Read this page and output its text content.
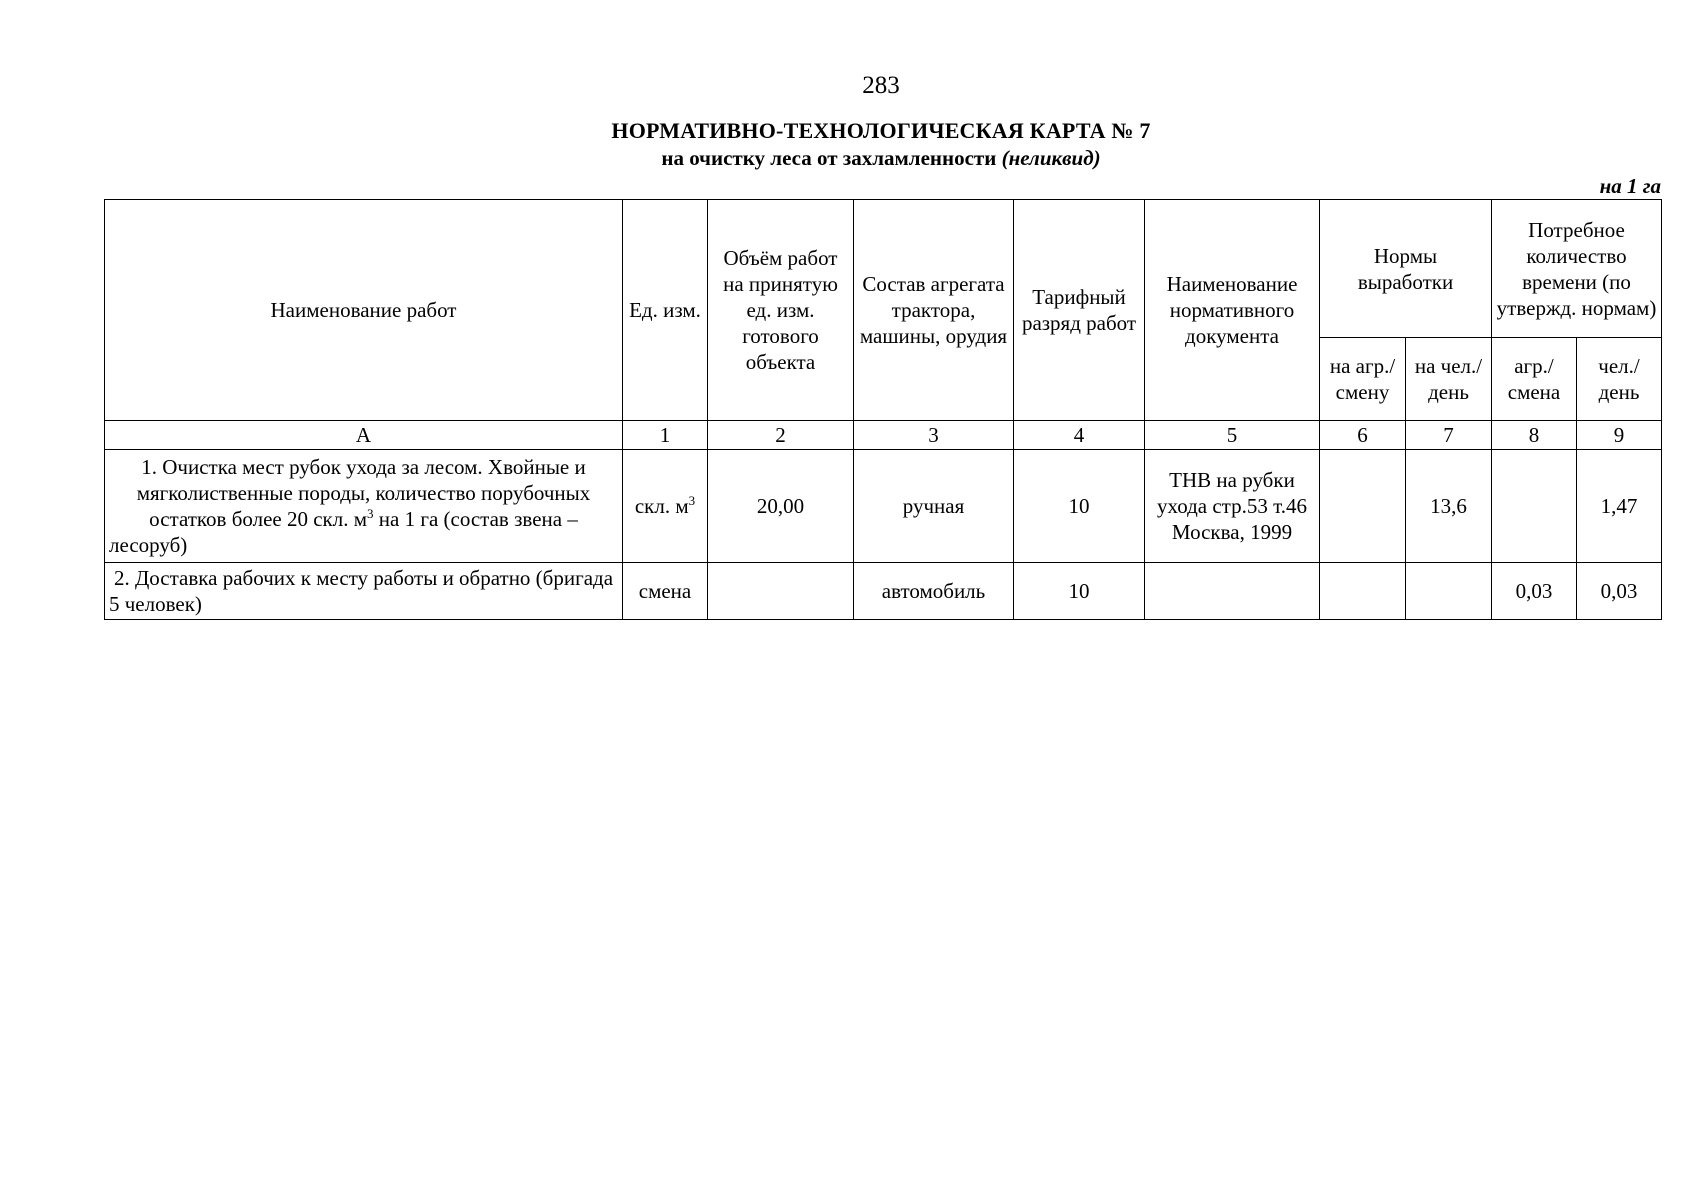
283
НОРМАТИВНО-ТЕХНОЛОГИЧЕСКАЯ КАРТА № 7
на очистку леса от захламленности (неликвид)
на 1 га
Наименование работ	Ед. изм.	Объём работ на принятую ед. изм. готового объекта	Состав агрегата трактора, машины, орудия	Тарифный разряд работ	Наименование нормативного документа	Нормы выработки		Потребное количество времени (по утвержд. нормам)	
						на агр./ смену	на чел./ день	агр./ смена	чел./ день
А	1	2	3	4	5	6	7	8	9
1. Очистка мест рубок ухода за лесом. Хвойные и мягколиственные породы, количество порубочных остатков более 20 скл. $м^3$ на 1 га (состав звена – лесоруб)	скл. $м^3$	20,00	ручная	10	ТНВ на рубки ухода стр.53 т.46 Москва, 1999		13,6		1,47
2. Доставка рабочих к месту работы и обратно (бригада 5 человек)	смена		автомобиль	10				0,03	0,03
